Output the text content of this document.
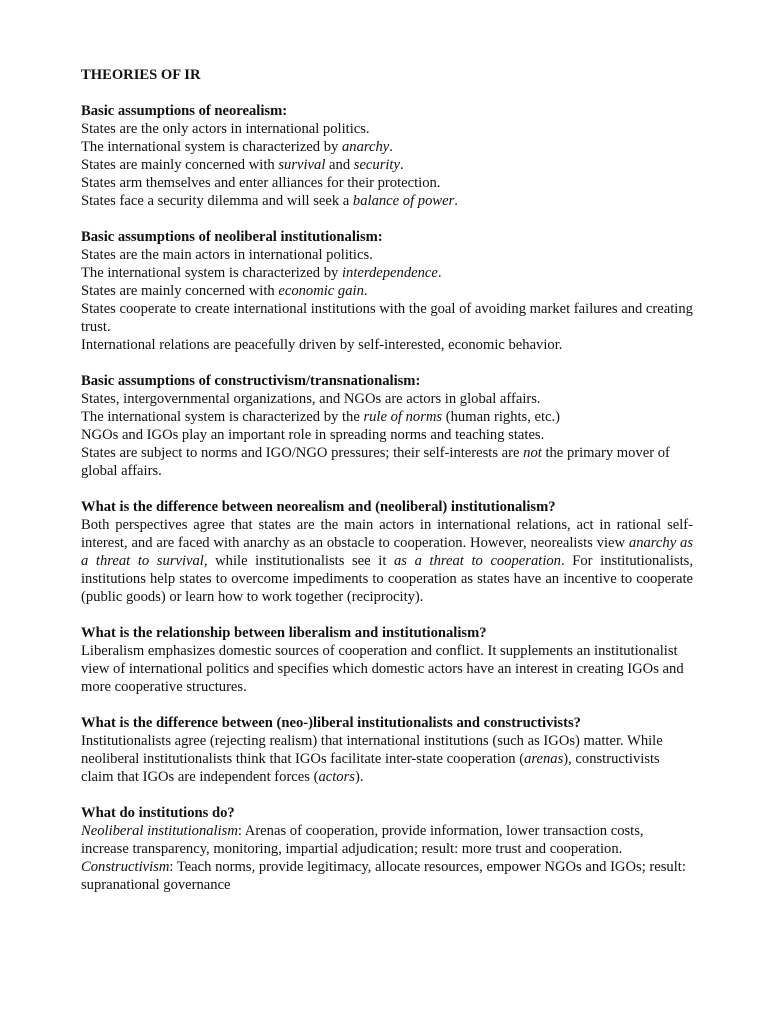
THEORIES OF IR
Basic assumptions of neorealism:
States are the only actors in international politics.
The international system is characterized by anarchy.
States are mainly concerned with survival and security.
States arm themselves and enter alliances for their protection.
States face a security dilemma and will seek a balance of power.
Basic assumptions of neoliberal institutionalism:
States are the main actors in international politics.
The international system is characterized by interdependence.
States are mainly concerned with economic gain.
States cooperate to create international institutions with the goal of avoiding market failures and creating trust.
International relations are peacefully driven by self-interested, economic behavior.
Basic assumptions of constructivism/transnationalism:
States, intergovernmental organizations, and NGOs are actors in global affairs.
The international system is characterized by the rule of norms (human rights, etc.)
NGOs and IGOs play an important role in spreading norms and teaching states.
States are subject to norms and IGO/NGO pressures; their self-interests are not the primary mover of global affairs.
What is the difference between neorealism and (neoliberal) institutionalism?
Both perspectives agree that states are the main actors in international relations, act in rational self-interest, and are faced with anarchy as an obstacle to cooperation. However, neorealists view anarchy as a threat to survival, while institutionalists see it as a threat to cooperation. For institutionalists, institutions help states to overcome impediments to cooperation as states have an incentive to cooperate (public goods) or learn how to work together (reciprocity).
What is the relationship between liberalism and institutionalism?
Liberalism emphasizes domestic sources of cooperation and conflict. It supplements an institutionalist view of international politics and specifies which domestic actors have an interest in creating IGOs and more cooperative structures.
What is the difference between (neo-)liberal institutionalists and constructivists?
Institutionalists agree (rejecting realism) that international institutions (such as IGOs) matter. While neoliberal institutionalists think that IGOs facilitate inter-state cooperation (arenas), constructivists claim that IGOs are independent forces (actors).
What do institutions do?
Neoliberal institutionalism: Arenas of cooperation, provide information, lower transaction costs, increase transparency, monitoring, impartial adjudication; result: more trust and cooperation.
Constructivism: Teach norms, provide legitimacy, allocate resources, empower NGOs and IGOs; result: supranational governance
